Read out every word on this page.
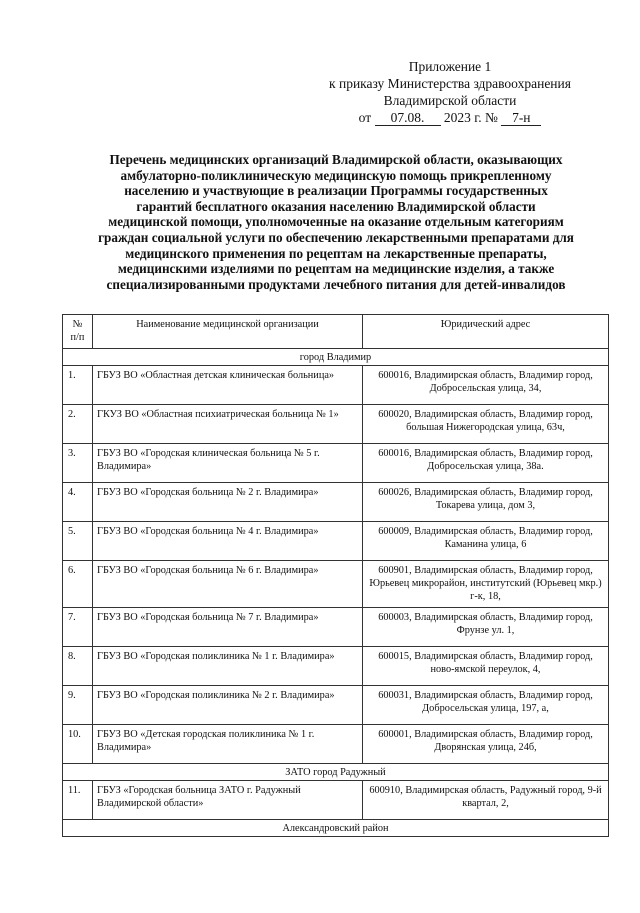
Приложение 1
к приказу Министерства здравоохранения
Владимирской области
от 07.08. 2023 г. № 7-н
Перечень медицинских организаций Владимирской области, оказывающих
амбулаторно-поликлиническую медицинскую помощь прикрепленному
населению и участвующие в реализации Программы государственных
гарантий бесплатного оказания населению Владимирской области
медицинской помощи, уполномоченные на оказание отдельным категориям
граждан социальной услуги по обеспечению лекарственными препаратами для
медицинского применения по рецептам на лекарственные препараты,
медицинскими изделиями по рецептам на медицинские изделия, а также
специализированными продуктами лечебного питания для детей-инвалидов
№
п/п	Наименование медицинской организации	Юридический адрес
город Владимир		
1.	ГБУЗ ВО «Областная детская клиническая больница»	600016, Владимирская область, Владимир город, Добросельская улица, 34,
2.	ГКУЗ ВО «Областная психиатрическая больница № 1»	600020, Владимирская область, Владимир город, большая Нижегородская улица, 63ч,
3.	ГБУЗ ВО «Городская клиническая больница № 5 г. Владимира»	600016, Владимирская область, Владимир город, Добросельская улица, 38а.
4.	ГБУЗ ВО «Городская больница № 2 г. Владимира»	600026, Владимирская область, Владимир город, Токарева улица, дом 3,
5.	ГБУЗ ВО «Городская больница № 4 г. Владимира»	600009, Владимирская область, Владимир город, Каманина улица, 6
6.	ГБУЗ ВО «Городская больница № 6 г. Владимира»	600901, Владимирская область, Владимир город, Юрьевец микрорайон, институтский (Юрьевец мкр.) г-к, 18,
7.	ГБУЗ ВО «Городская больница № 7 г. Владимира»	600003, Владимирская область, Владимир город, Фрунзе ул. 1,
8.	ГБУЗ ВО «Городская поликлиника № 1 г. Владимира»	600015, Владимирская область, Владимир город, ново-ямской переулок, 4,
9.	ГБУЗ ВО «Городская поликлиника № 2 г. Владимира»	600031, Владимирская область, Владимир город, Добросельская улица, 197, а,
10.	ГБУЗ ВО «Детская городская поликлиника № 1 г. Владимира»	600001, Владимирская область, Владимир город, Дворянская улица, 24б,
ЗАТО город Радужный		
11.	ГБУЗ «Городская больница ЗАТО г. Радужный Владимирской области»	600910, Владимирская область, Радужный город, 9-й квартал, 2,
Александровский район		
